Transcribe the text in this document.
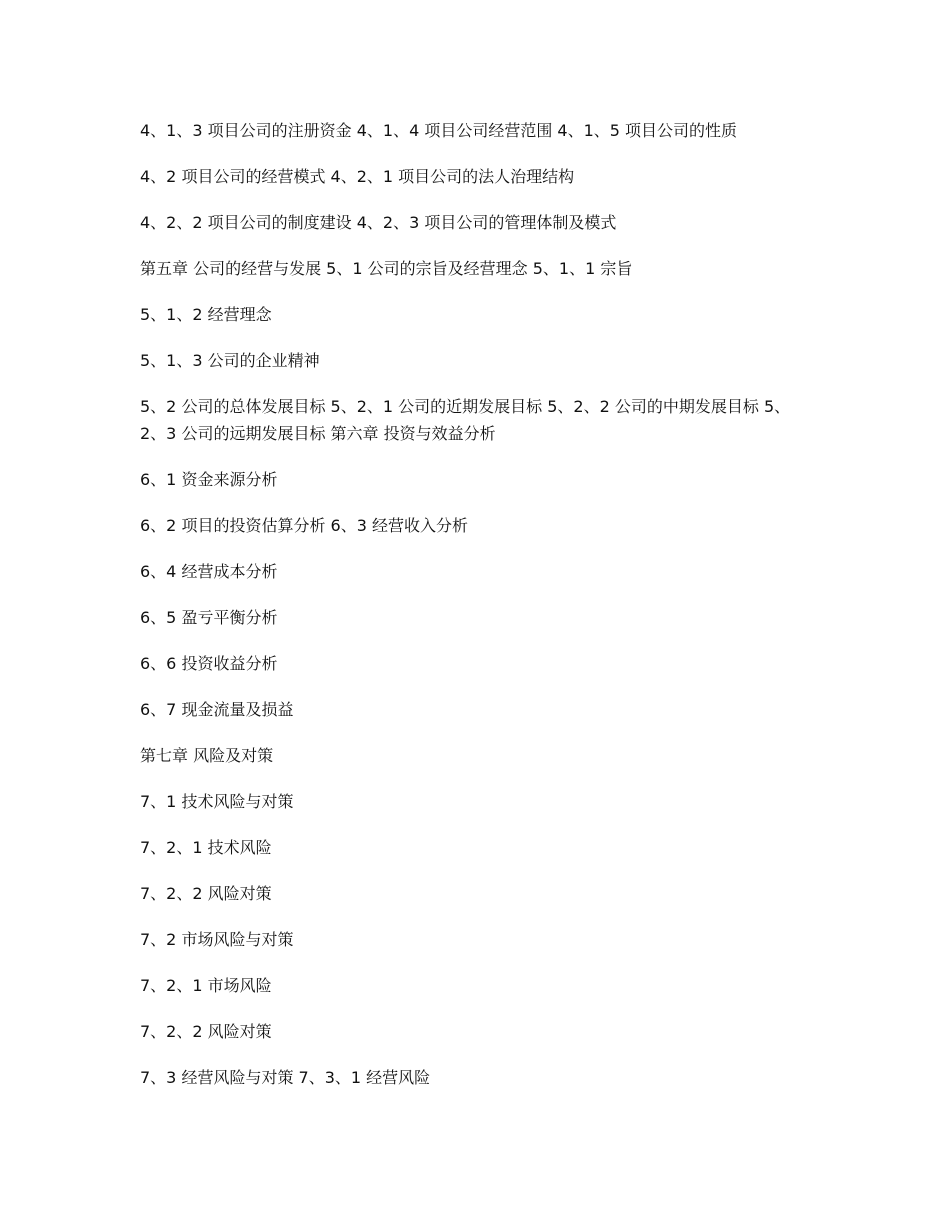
4、1、3 项目公司的注册资金 4、1、4 项目公司经营范围 4、1、5 项目公司的性质

4、2 项目公司的经营模式 4、2、1 项目公司的法人治理结构

4、2、2 项目公司的制度建设 4、2、3 项目公司的管理体制及模式

第五章 公司的经营与发展 5、1 公司的宗旨及经营理念 5、1、1 宗旨

5、1、2 经营理念

5、1、3 公司的企业精神

5、2 公司的总体发展目标 5、2、1 公司的近期发展目标 5、2、2 公司的中期发展目标 5、2、3 公司的远期发展目标 第六章 投资与效益分析

6、1 资金来源分析

6、2 项目的投资估算分析 6、3 经营收入分析

6、4 经营成本分析

6、5 盈亏平衡分析

6、6 投资收益分析

6、7 现金流量及损益

第七章 风险及对策

7、1 技术风险与对策

7、2、1 技术风险

7、2、2 风险对策

7、2 市场风险与对策

7、2、1 市场风险

7、2、2 风险对策

7、3 经营风险与对策 7、3、1 经营风险
